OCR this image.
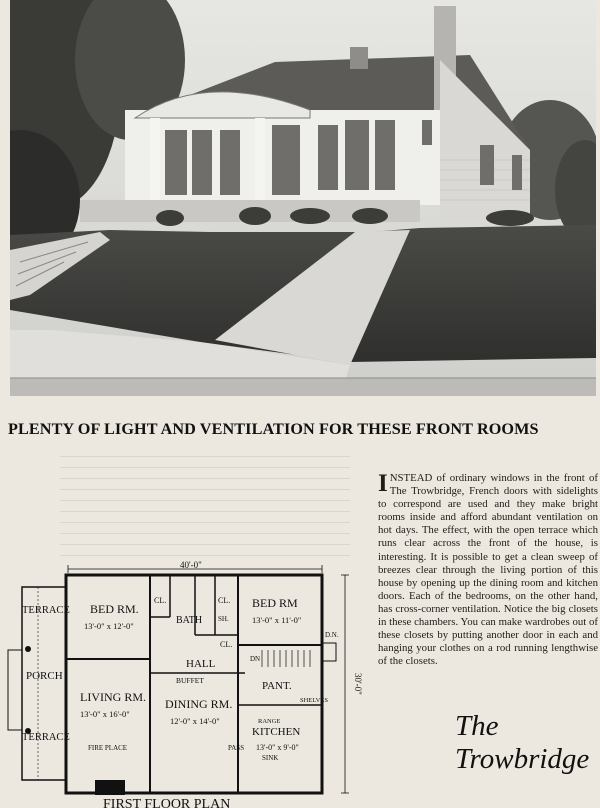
PLENTY OF LIGHT AND VENTILATION FOR THESE FRONT ROOMS
INSTEAD of ordinary windows in the front of The Trowbridge, French doors with sidelights to correspond are used and they make bright rooms inside and afford abundant ventilation on hot days. The effect, with the open terrace which runs clear across the front of the house, is interesting. It is possible to get a clean sweep of breezes clear through the living portion of this house by opening up the dining room and kitchen doors. Each of the bedrooms, on the other hand, has cross-corner ventilation. Notice the big closets in these chambers. You can make wardrobes out of these closets by putting another door in each and hanging your clothes on a rod running lengthwise of the closets.
The
Trowbridge
40'-0"
30'-0"
TERRACE
TERRACE
PORCH
BED RM.
13'-0" x 12'-0"
BED RM
13'-0" x 11'-0"
CL.	CL.
CL.
SH.
BATH
HALL
LIVING RM.
13'-0" x 16'-0"
BUFFET
DINING RM.
12'-0" x 14'-0"
PANT.
SHELVES
KITCHEN
13'-0" x 9'-0"
RANGE
PASS
SINK
FIRE PLACE
D.N.
DN
FIRST FLOOR PLAN
